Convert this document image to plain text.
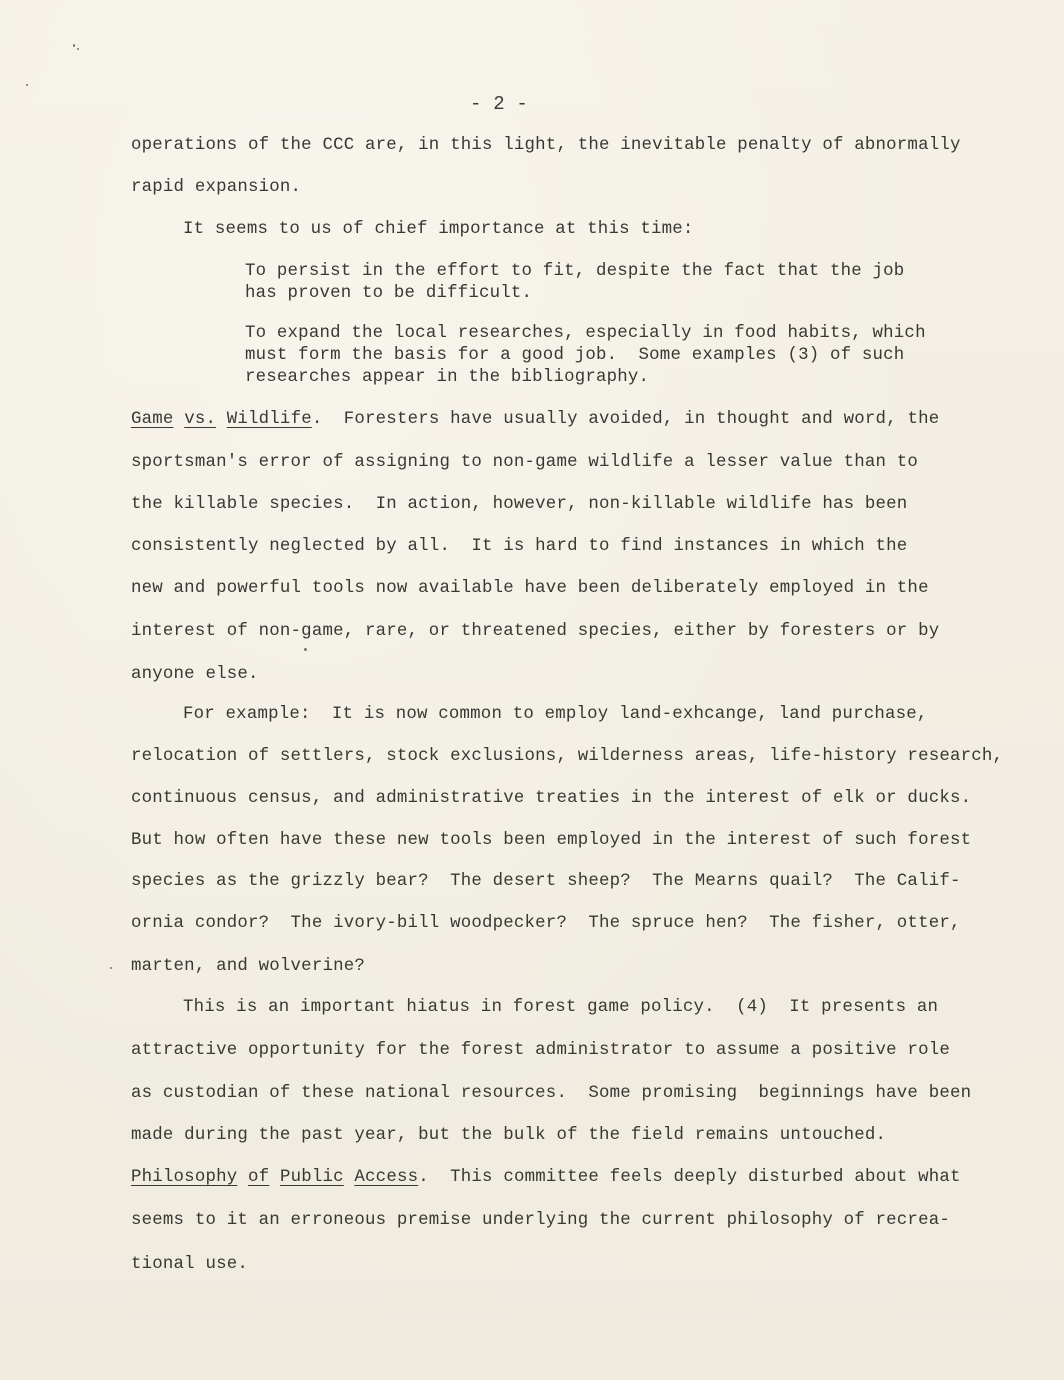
- 2 -
operations of the CCC are, in this light, the inevitable penalty of abnormally
rapid expansion.
It seems to us of chief importance at this time:
To persist in the effort to fit, despite the fact that the job
has proven to be difficult.
To expand the local researches, especially in food habits, which
must form the basis for a good job.  Some examples (3) of such
researches appear in the bibliography.
Game vs. Wildlife.  Foresters have usually avoided, in thought and word, the
sportsman's error of assigning to non-game wildlife a lesser value than to
the killable species.  In action, however, non-killable wildlife has been
consistently neglected by all.  It is hard to find instances in which the
new and powerful tools now available have been deliberately employed in the
interest of non-game, rare, or threatened species, either by foresters or by
anyone else.
For example:  It is now common to employ land-exhcange, land purchase,
relocation of settlers, stock exclusions, wilderness areas, life-history research,
continuous census, and administrative treaties in the interest of elk or ducks.
But how often have these new tools been employed in the interest of such forest
species as the grizzly bear?  The desert sheep?  The Mearns quail?  The Calif-
ornia condor?  The ivory-bill woodpecker?  The spruce hen?  The fisher, otter,
marten, and wolverine?
This is an important hiatus in forest game policy.  (4)  It presents an
attractive opportunity for the forest administrator to assume a positive role
as custodian of these national resources.  Some promising  beginnings have been
made during the past year, but the bulk of the field remains untouched.
Philosophy of Public Access.  This committee feels deeply disturbed about what
seems to it an erroneous premise underlying the current philosophy of recrea-
tional use.
